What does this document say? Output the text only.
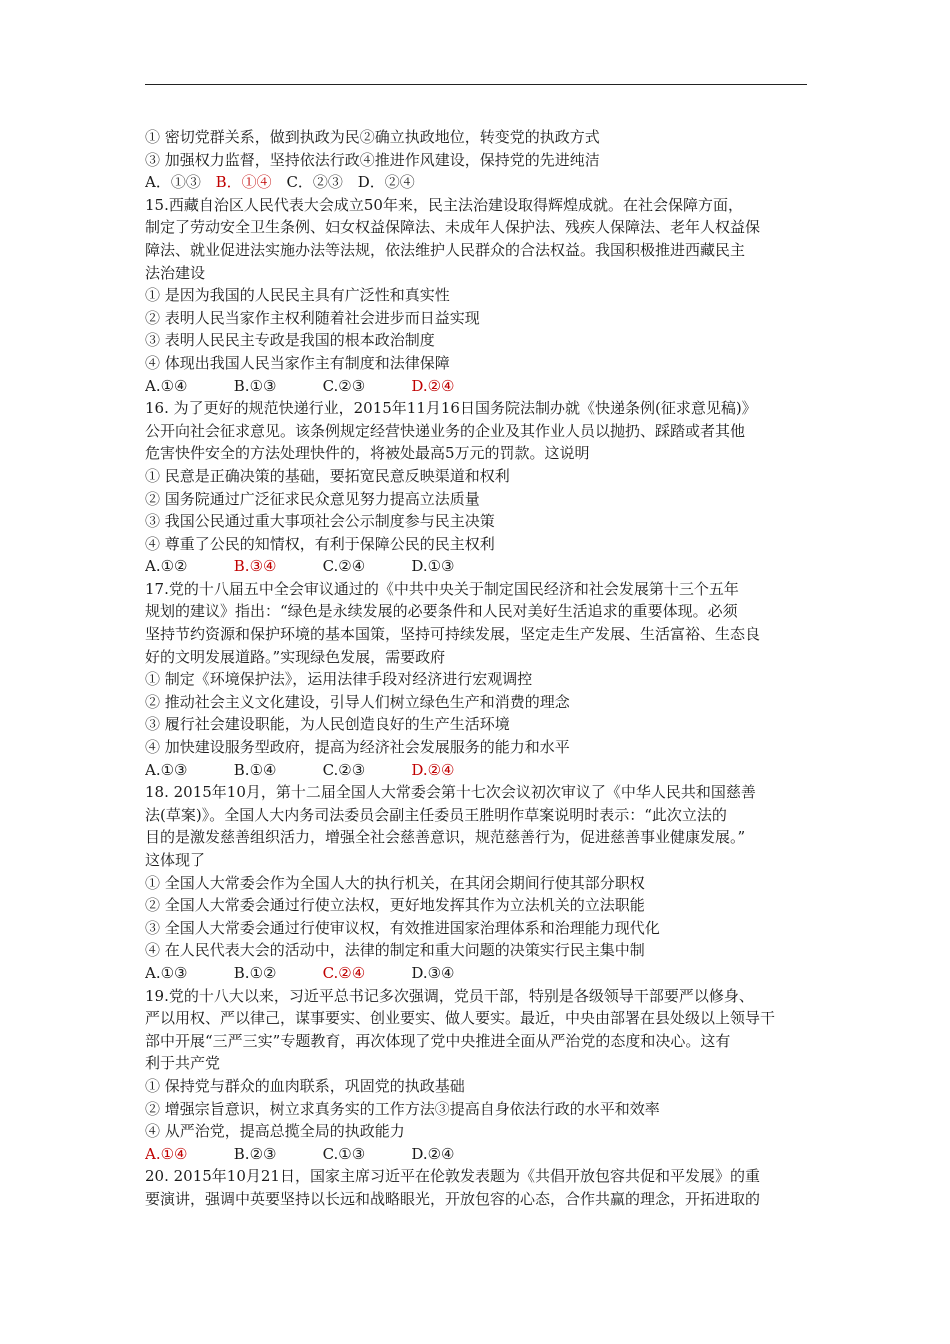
① 密切党群关系，做到执政为民②确立执政地位，转变党的执政方式
③ 加强权力监督，坚持依法行政④推进作风建设，保持党的先进纯洁
A．①③ B．①④ C．②③ D．②④
15.西藏自治区人民代表大会成立50年来，民主法治建设取得辉煌成就。在社会保障方面，
制定了劳动安全卫生条例、妇女权益保障法、未成年人保护法、残疾人保障法、老年人权益保
障法、就业促进法实施办法等法规，依法维护人民群众的合法权益。我国积极推进西藏民主
法治建设
① 是因为我国的人民民主具有广泛性和真实性
② 表明人民当家作主权利随着社会进步而日益实现
③ 表明人民民主专政是我国的根本政治制度
④ 体现出我国人民当家作主有制度和法律保障
A.①④	B.①③	C.②③	D.②④
16. 为了更好的规范快递行业，2015年11月16日国务院法制办就《快递条例(征求意见稿)》
公开向社会征求意见。该条例规定经营快递业务的企业及其作业人员以抛扔、踩踏或者其他
危害快件安全的方法处理快件的，将被处最高5万元的罚款。这说明
① 民意是正确决策的基础，要拓宽民意反映渠道和权利
② 国务院通过广泛征求民众意见努力提高立法质量
③ 我国公民通过重大事项社会公示制度参与民主决策
④ 尊重了公民的知情权，有利于保障公民的民主权利
A.①②	B.③④	C.②④	D.①③
17.党的十八届五中全会审议通过的《中共中央关于制定国民经济和社会发展第十三个五年
规划的建议》指出：“绿色是永续发展的必要条件和人民对美好生活追求的重要体现。必须
坚持节约资源和保护环境的基本国策，坚持可持续发展，坚定走生产发展、生活富裕、生态良
好的文明发展道路。”实现绿色发展，需要政府
① 制定《环境保护法》，运用法律手段对经济进行宏观调控
② 推动社会主义文化建设，引导人们树立绿色生产和消费的理念
③ 履行社会建设职能，为人民创造良好的生产生活环境
④ 加快建设服务型政府，提高为经济社会发展服务的能力和水平
A.①③	B.①④	C.②③	D.②④
18. 2015年10月，第十二届全国人大常委会第十七次会议初次审议了《中华人民共和国慈善
法(草案)》。全国人大内务司法委员会副主任委员王胜明作草案说明时表示：“此次立法的
目的是激发慈善组织活力，增强全社会慈善意识，规范慈善行为，促进慈善事业健康发展。”
这体现了
① 全国人大常委会作为全国人大的执行机关，在其闭会期间行使其部分职权
② 全国人大常委会通过行使立法权，更好地发挥其作为立法机关的立法职能
③ 全国人大常委会通过行使审议权，有效推进国家治理体系和治理能力现代化
④ 在人民代表大会的活动中，法律的制定和重大问题的决策实行民主集中制
A.①③	B.①②	C.②④	D.③④
19.党的十八大以来，习近平总书记多次强调，党员干部，特别是各级领导干部要严以修身、
严以用权、严以律己，谋事要实、创业要实、做人要实。最近，中央由部署在县处级以上领导干
部中开展“三严三实”专题教育，再次体现了党中央推进全面从严治党的态度和决心。这有
利于共产党
① 保持党与群众的血肉联系，巩固党的执政基础
② 增强宗旨意识，树立求真务实的工作方法③提高自身依法行政的水平和效率
④ 从严治党，提高总揽全局的执政能力
A.①④	B.②③	C.①③	D.②④
20. 2015年10月21日，国家主席习近平在伦敦发表题为《共倡开放包容共促和平发展》的重
要演讲，强调中英要坚持以长远和战略眼光，开放包容的心态，合作共赢的理念，开拓进取的
